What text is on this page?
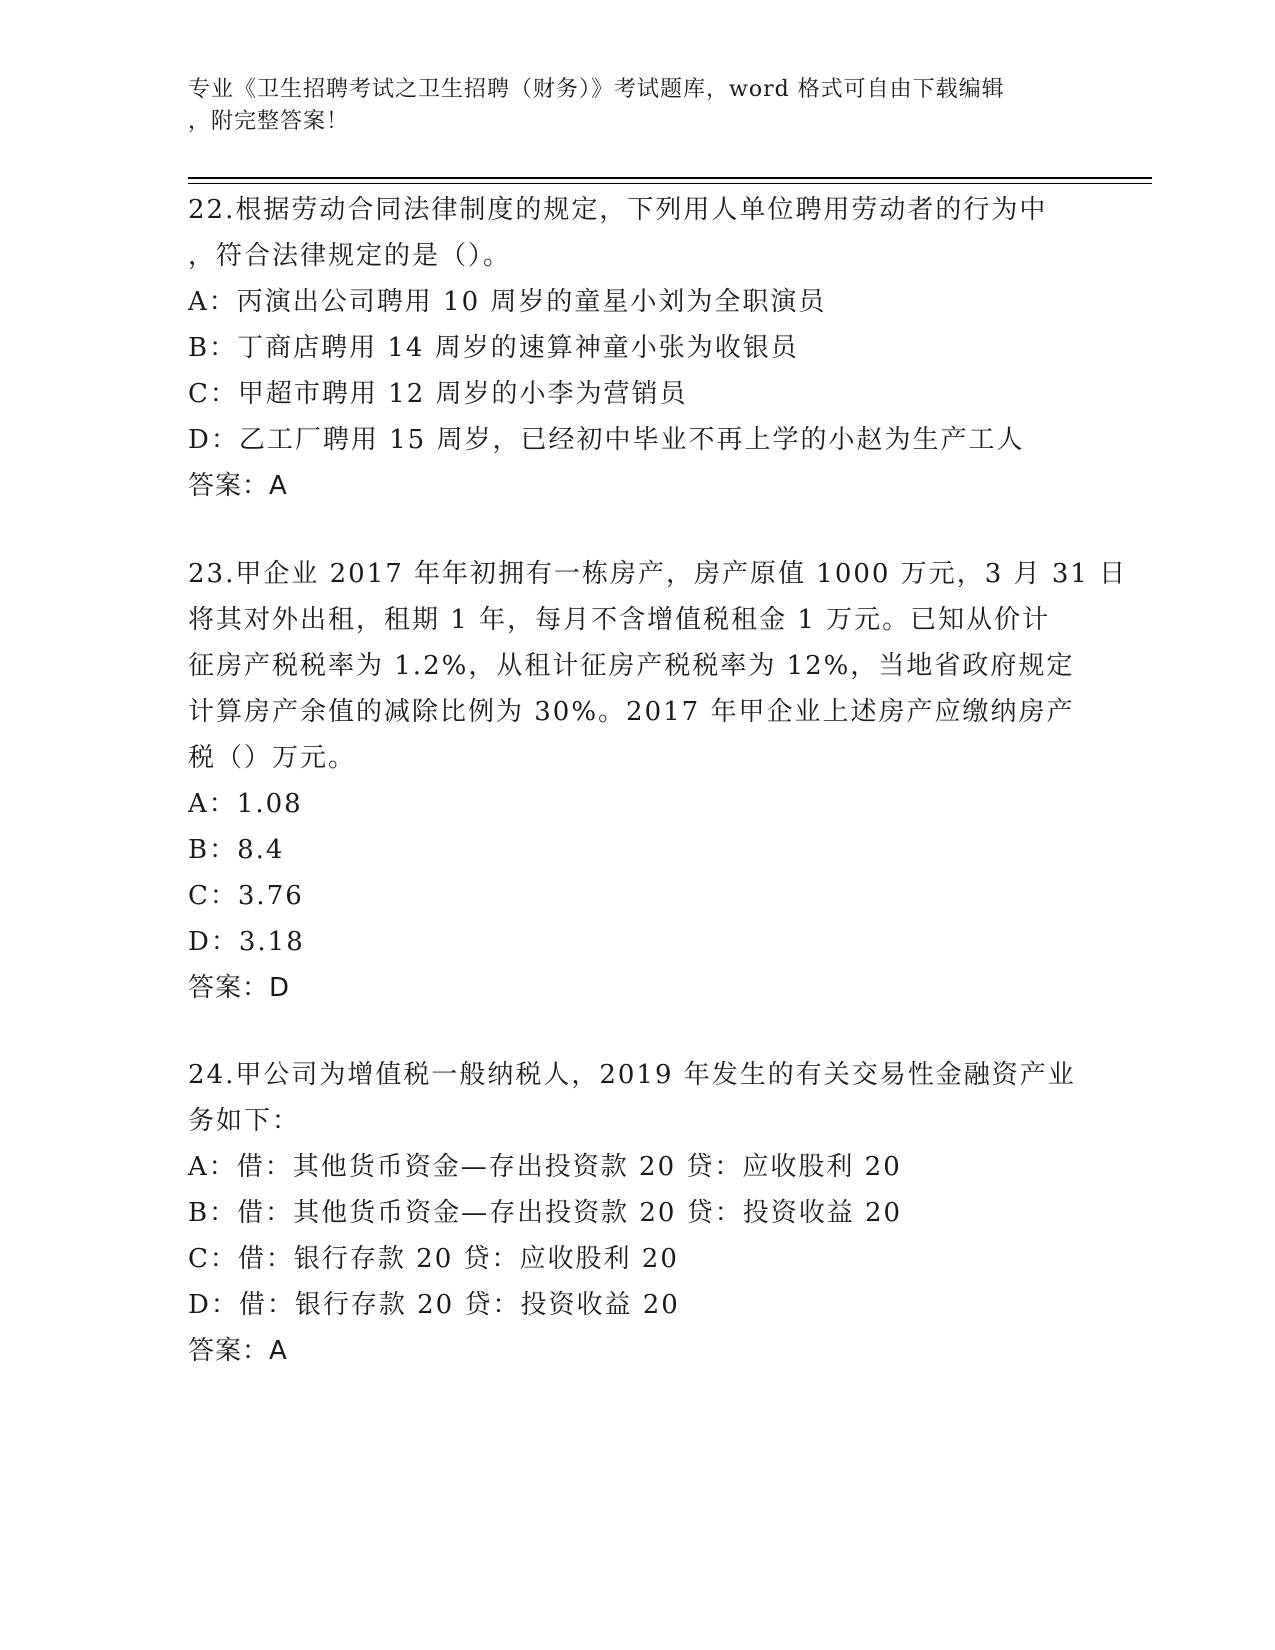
专业《卫生招聘考试之卫生招聘（财务）》考试题库，word 格式可自由下载编辑
，附完整答案！
22.根据劳动合同法律制度的规定，下列用人单位聘用劳动者的行为中
，符合法律规定的是（）。
A：丙演出公司聘用 10 周岁的童星小刘为全职演员
B：丁商店聘用 14 周岁的速算神童小张为收银员
C：甲超市聘用 12 周岁的小李为营销员
D：乙工厂聘用 15 周岁，已经初中毕业不再上学的小赵为生产工人
答案：A
23.甲企业 2017 年年初拥有一栋房产，房产原值 1000 万元，3 月 31 日
将其对外出租，租期 1 年，每月不含增值税租金 1 万元。已知从价计
征房产税税率为 1.2%，从租计征房产税税率为 12%，当地省政府规定
计算房产余值的减除比例为 30%。2017 年甲企业上述房产应缴纳房产
税（）万元。
A：1.08
B：8.4
C：3.76
D：3.18
答案：D
24.甲公司为增值税一般纳税人，2019 年发生的有关交易性金融资产业
务如下：
A：借：其他货币资金—存出投资款 20 贷：应收股利 20
B：借：其他货币资金—存出投资款 20 贷：投资收益 20
C：借：银行存款 20 贷：应收股利 20
D：借：银行存款 20 贷：投资收益 20
答案：A
